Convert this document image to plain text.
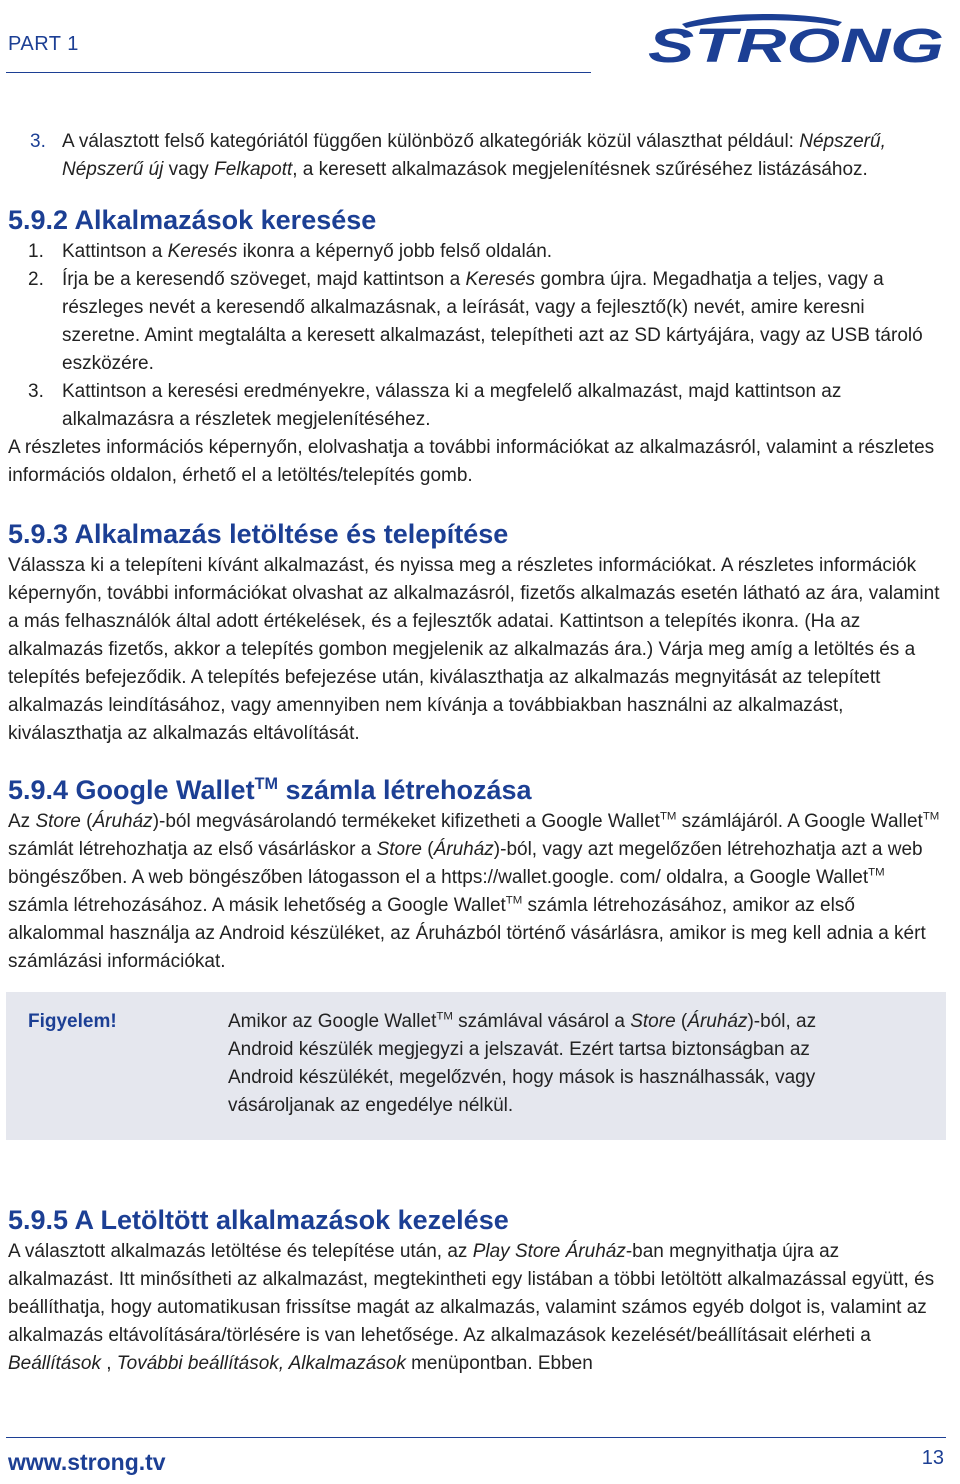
PART 1	STRONG
3. A választott felső kategóriától függően különböző alkategóriák közül választhat például: Népszerű, Népszerű új vagy Felkapott, a keresett alkalmazások megjelenítésnek szűréséhez listázásához.
5.9.2 Alkalmazások keresése
1. Kattintson a Keresés ikonra a képernyő jobb felső oldalán.
2. Írja be a keresendő szöveget, majd kattintson a Keresés gombra újra. Megadhatja a teljes, vagy a részleges nevét a keresendő alkalmazásnak, a leírását, vagy a fejlesztő(k) nevét, amire keresni szeretne. Amint megtalálta a keresett alkalmazást, telepítheti azt az SD kártyájára, vagy az USB tároló eszközére.
3. Kattintson a keresési eredményekre, válassza ki a megfelelő alkalmazást, majd kattintson az alkalmazásra a részletek megjelenítéséhez.

A részletes információs képernyőn, elolvashatja a további információkat az alkalmazásról, valamint a részletes információs oldalon, érhető el a letöltés/telepítés gomb.

5.9.3 Alkalmazás letöltése és telepítése

Válassza ki a telepíteni kívánt alkalmazást, és nyissa meg a részletes információkat. A részletes információk képernyőn, további információkat olvashat az alkalmazásról, fizetős alkalmazás esetén látható az ára, valamint a más felhasználók által adott értékelések, és a fejlesztők adatai. Kattintson a telepítés ikonra. (Ha az alkalmazás fizetős, akkor a telepítés gombon megjelenik az alkalmazás ára.) Várja meg amíg a letöltés és a telepítés befejeződik. A telepítés befejezése után, kiválaszthatja az alkalmazás megnyitását az telepített alkalmazás leindításához, vagy amennyiben nem kívánja a továbbiakban használni az alkalmazást, kiválaszthatja az alkalmazás eltávolítását.

5.9.4 Google Wallet™ számla létrehozása

Az Store (Áruház)-ból megvásárolandó termékeket kifizetheti a Google Wallet™ számlájáról. A Google Wallet™ számlát létrehozhatja az első vásárláskor a Store (Áruház)-ból, vagy azt megelőzően létrehozhatja azt a web böngészőben. A web böngészőben látogasson el a https://wallet.google. com/ oldalra, a Google Wallet™ számla létrehozásához. A másik lehetőség a Google Wallet™ számla létrehozásához, amikor az első alkalommal használja az Android készüléket, az Áruházból történő vásárlásra, amikor is meg kell adnia a kért számlázási információkat.

Figyelem!	Amikor az Google Wallet™ számlával vásárol a Store (Áruház)-ból, az Android készülék megjegyzi a jelszavát. Ezért tartsa biztonságban az Android készülékét, megelőzvén, hogy mások is használhassák, vagy vásároljanak az engedélye nélkül.
5.9.5 A Letöltött alkalmazások kezelése

A választott alkalmazás letöltése és telepítése után, az Play Store Áruház-ban megnyithatja újra az alkalmazást. Itt minősítheti az alkalmazást, megtekintheti egy listában a többi letöltött alkalmazással együtt, és beállíthatja, hogy automatikusan frissítse magát az alkalmazás, valamint számos egyéb dolgot is, valamint az alkalmazás eltávolítására/törlésére is van lehetősége. Az alkalmazások kezelését/beállításait elérheti a Beállítások , További beállítások, Alkalmazások menüpontban. Ebben

www.strong.tv	13
